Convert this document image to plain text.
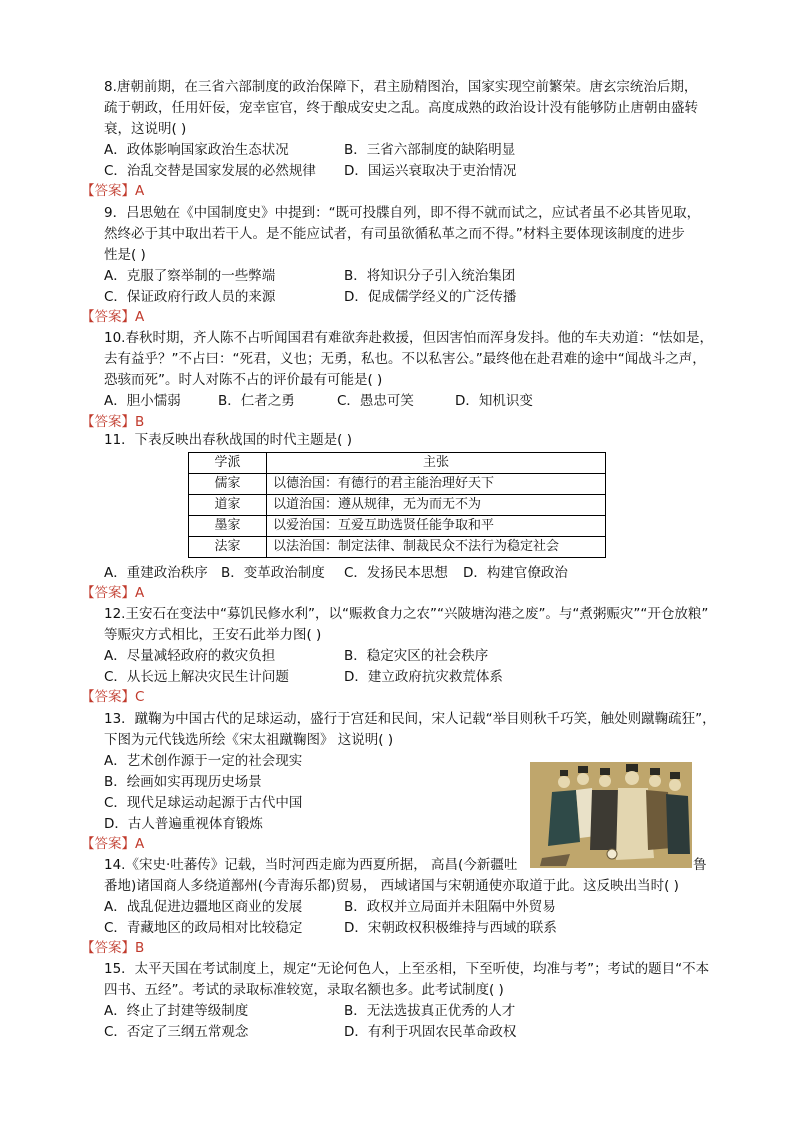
8.唐朝前期，在三省六部制度的政治保障下，君主励精图治，国家实现空前繁荣。唐玄宗统治后期，
疏于朝政，任用奸佞，宠幸宦官，终于酿成安史之乱。高度成熟的政治设计没有能够防止唐朝由盛转
衰，这说明( )
A．政体影响国家政治生态状况	B．三省六部制度的缺陷明显
C．治乱交替是国家发展的必然规律 D．国运兴衰取决于吏治情况
【答案】A
9．吕思勉在《中国制度史》中提到：“既可投牒自列，即不得不就而试之，应试者虽不必其皆见取，
然终必于其中取出若干人。是不能应试者，有司虽欲循私革之而不得。”材料主要体现该制度的进步
性是( )
A．克服了察举制的一些弊端	B．将知识分子引入统治集团
C．保证政府行政人员的来源	D．促成儒学经义的广泛传播
【答案】A
10.春秋时期，齐人陈不占听闻国君有难欲奔赴救援，但因害怕而浑身发抖。他的车夫劝道：“怯如是，
去有益乎？”不占曰：“死君，义也；无勇，私也。不以私害公。”最终他在赴君难的途中“闻战斗之声，
恐骇而死”。时人对陈不占的评价最有可能是( )
A．胆小懦弱	B．仁者之勇	C．愚忠可笑	D．知机识变
【答案】B
11．下表反映出春秋战国的时代主题是( )
学派	主张
儒家	以德治国：有德行的君主能治理好天下
道家	以道治国：遵从规律，无为而无不为
墨家	以爱治国：互爱互助选贤任能争取和平
法家	以法治国：制定法律、制裁民众不法行为稳定社会
A．重建政治秩序 B．变革政治制度 C．发扬民本思想 D．构建官僚政治
【答案】A
12.王安石在变法中“募饥民修水利”，以“赈救食力之农”“兴陂塘沟港之废”。与“煮粥赈灾”“开仓放粮”
等赈灾方式相比，王安石此举力图( )
A．尽量减轻政府的救灾负担	B．稳定灾区的社会秩序
C．从长远上解决灾民生计问题	D．建立政府抗灾救荒体系
【答案】C
13．蹴鞠为中国古代的足球运动，盛行于宫廷和民间，宋人记载“举目则秋千巧笑，触处则蹴鞠疏狂”，
下图为元代钱选所绘《宋太祖蹴鞠图》 这说明( )
A．艺术创作源于一定的社会现实
B．绘画如实再现历史场景
C．现代足球运动起源于古代中国
D．古人普遍重视体育锻炼
【答案】A
14.《宋史·吐蕃传》记载，当时河西走廊为西夏所据， 高昌(今新疆吐	鲁
番地)诸国商人多绕道鄯州(今青海乐都)贸易， 西域诸国与宋朝通使亦取道于此。这反映出当时( )
A．战乱促进边疆地区商业的发展	B．政权并立局面并未阻隔中外贸易
C．青藏地区的政局相对比较稳定	D．宋朝政权积极维持与西域的联系
【答案】B
15．太平天国在考试制度上，规定“无论何色人，上至丞相，下至听使，均准与考”；考试的题目“不本
四书、五经”。考试的录取标准较宽，录取名额也多。此考试制度( )
A．终止了封建等级制度	B．无法选拔真正优秀的人才
C．否定了三纲五常观念	D．有利于巩固农民革命政权
